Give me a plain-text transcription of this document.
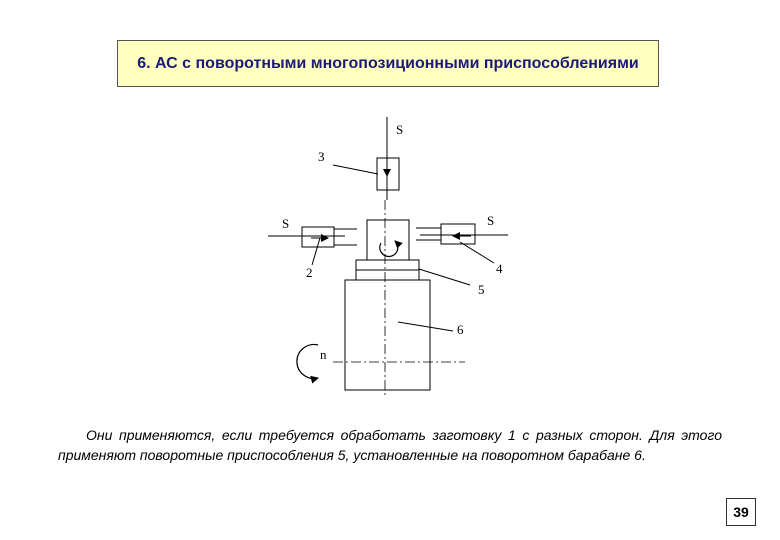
6. АС с поворотными многопозиционными приспособлениями
S
S	S
3
2	4
5
6
n

Они применяются, если требуется обработать заготовку 1 с разных сторон. Для этого применяют поворотные приспособления 5, установленные на поворотном барабане 6.

39
